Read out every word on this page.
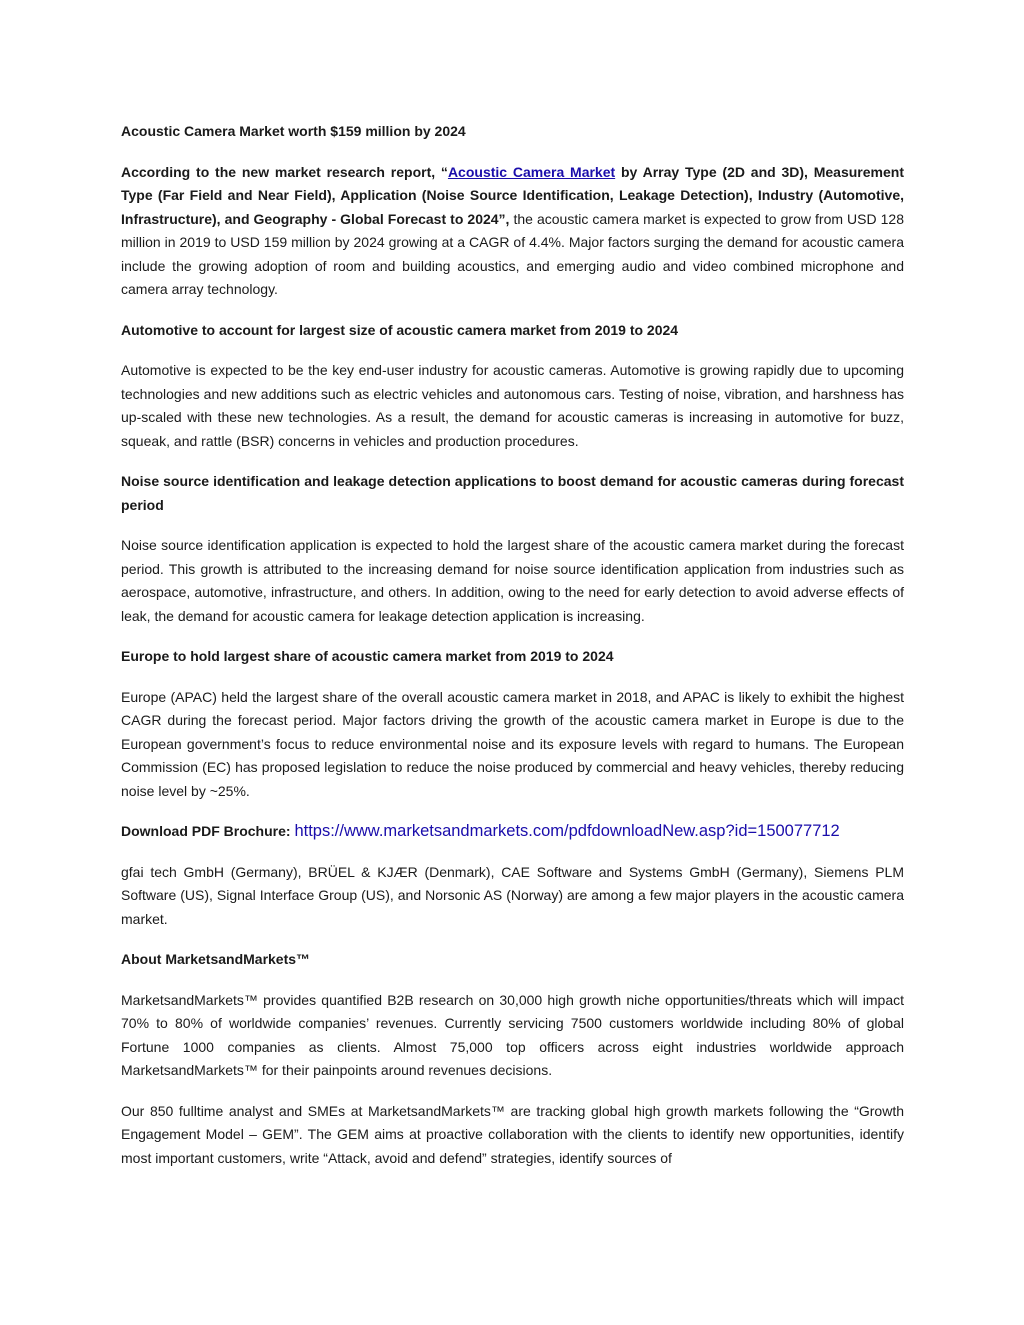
Acoustic Camera Market worth $159 million by 2024

According to the new market research report, “Acoustic Camera Market by Array Type (2D and 3D), Measurement Type (Far Field and Near Field), Application (Noise Source Identification, Leakage Detection), Industry (Automotive, Infrastructure), and Geography - Global Forecast to 2024”, the acoustic camera market is expected to grow from USD 128 million in 2019 to USD 159 million by 2024 growing at a CAGR of 4.4%. Major factors surging the demand for acoustic camera include the growing adoption of room and building acoustics, and emerging audio and video combined microphone and camera array technology.

Automotive to account for largest size of acoustic camera market from 2019 to 2024

Automotive is expected to be the key end-user industry for acoustic cameras. Automotive is growing rapidly due to upcoming technologies and new additions such as electric vehicles and autonomous cars. Testing of noise, vibration, and harshness has up-scaled with these new technologies. As a result, the demand for acoustic cameras is increasing in automotive for buzz, squeak, and rattle (BSR) concerns in vehicles and production procedures.

Noise source identification and leakage detection applications to boost demand for acoustic cameras during forecast period

Noise source identification application is expected to hold the largest share of the acoustic camera market during the forecast period. This growth is attributed to the increasing demand for noise source identification application from industries such as aerospace, automotive, infrastructure, and others. In addition, owing to the need for early detection to avoid adverse effects of leak, the demand for acoustic camera for leakage detection application is increasing.

Europe to hold largest share of acoustic camera market from 2019 to 2024

Europe (APAC) held the largest share of the overall acoustic camera market in 2018, and APAC is likely to exhibit the highest CAGR during the forecast period. Major factors driving the growth of the acoustic camera market in Europe is due to the European government’s focus to reduce environmental noise and its exposure levels with regard to humans. The European Commission (EC) has proposed legislation to reduce the noise produced by commercial and heavy vehicles, thereby reducing noise level by ~25%.

Download PDF Brochure: https://www.marketsandmarkets.com/pdfdownloadNew.asp?id=150077712

gfai tech GmbH (Germany), BRÜEL & KJÆR (Denmark), CAE Software and Systems GmbH (Germany), Siemens PLM Software (US), Signal Interface Group (US), and Norsonic AS (Norway) are among a few major players in the acoustic camera market.

About MarketsandMarkets™

MarketsandMarkets™ provides quantified B2B research on 30,000 high growth niche opportunities/threats which will impact 70% to 80% of worldwide companies’ revenues. Currently servicing 7500 customers worldwide including 80% of global Fortune 1000 companies as clients. Almost 75,000 top officers across eight industries worldwide approach MarketsandMarkets™ for their painpoints around revenues decisions.

Our 850 fulltime analyst and SMEs at MarketsandMarkets™ are tracking global high growth markets following the “Growth Engagement Model – GEM”. The GEM aims at proactive collaboration with the clients to identify new opportunities, identify most important customers, write “Attack, avoid and defend” strategies, identify sources of
